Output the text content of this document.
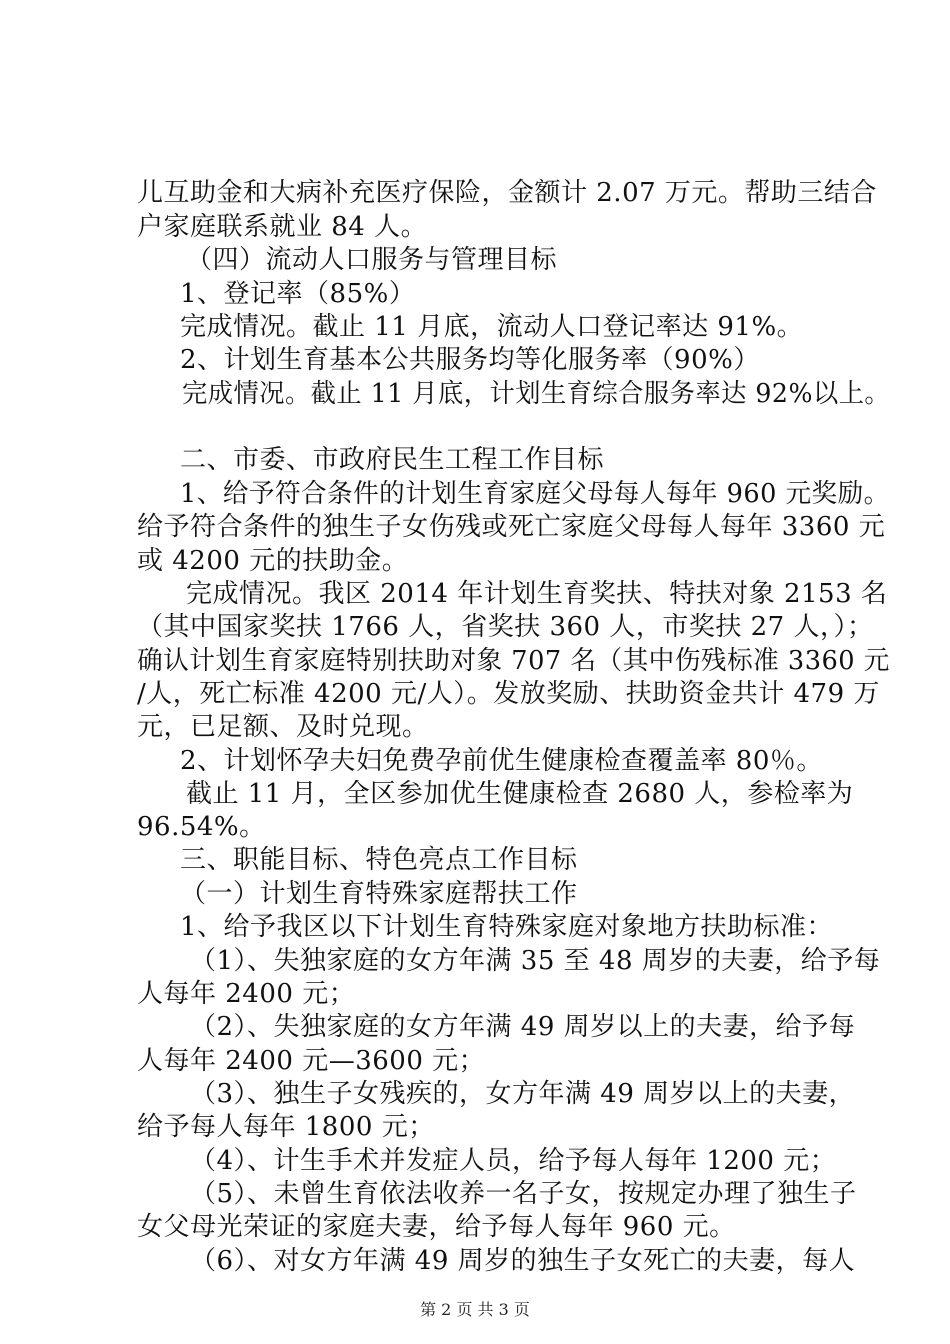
儿互助金和大病补充医疗保险，金额计 2.07 万元。帮助三结合
户家庭联系就业 84 人。
（四）流动人口服务与管理目标
1、登记率（85%）
完成情况。截止 11 月底，流动人口登记率达 91%。
2、计划生育基本公共服务均等化服务率（90%）
完成情况。截止 11 月底，计划生育综合服务率达 92%以上。
二、市委、市政府民生工程工作目标
1、给予符合条件的计划生育家庭父母每人每年 960 元奖励。
给予符合条件的独生子女伤残或死亡家庭父母每人每年 3360 元
或 4200 元的扶助金。
完成情况。我区 2014 年计划生育奖扶、特扶对象 2153 名
（其中国家奖扶 1766 人，省奖扶 360 人，市奖扶 27 人，）；
确认计划生育家庭特别扶助对象 707 名（其中伤残标准 3360 元
/人，死亡标准 4200 元/人）。发放奖励、扶助资金共计 479 万
元，已足额、及时兑现。
2、计划怀孕夫妇免费孕前优生健康检查覆盖率 80％。
截止 11 月，全区参加优生健康检查 2680 人，参检率为
96.54%。
三、职能目标、特色亮点工作目标
（一）计划生育特殊家庭帮扶工作
1、给予我区以下计划生育特殊家庭对象地方扶助标准：
（1）、失独家庭的女方年满 35 至 48 周岁的夫妻，给予每
人每年 2400 元；
（2）、失独家庭的女方年满 49 周岁以上的夫妻，给予每
人每年 2400 元—3600 元；
（3）、独生子女残疾的，女方年满 49 周岁以上的夫妻，
给予每人每年 1800 元；
（4）、计生手术并发症人员，给予每人每年 1200 元；
（5）、未曾生育依法收养一名子女，按规定办理了独生子
女父母光荣证的家庭夫妻，给予每人每年 960 元。
（6）、对女方年满 49 周岁的独生子女死亡的夫妻，每人
第 2 页 共 3 页
